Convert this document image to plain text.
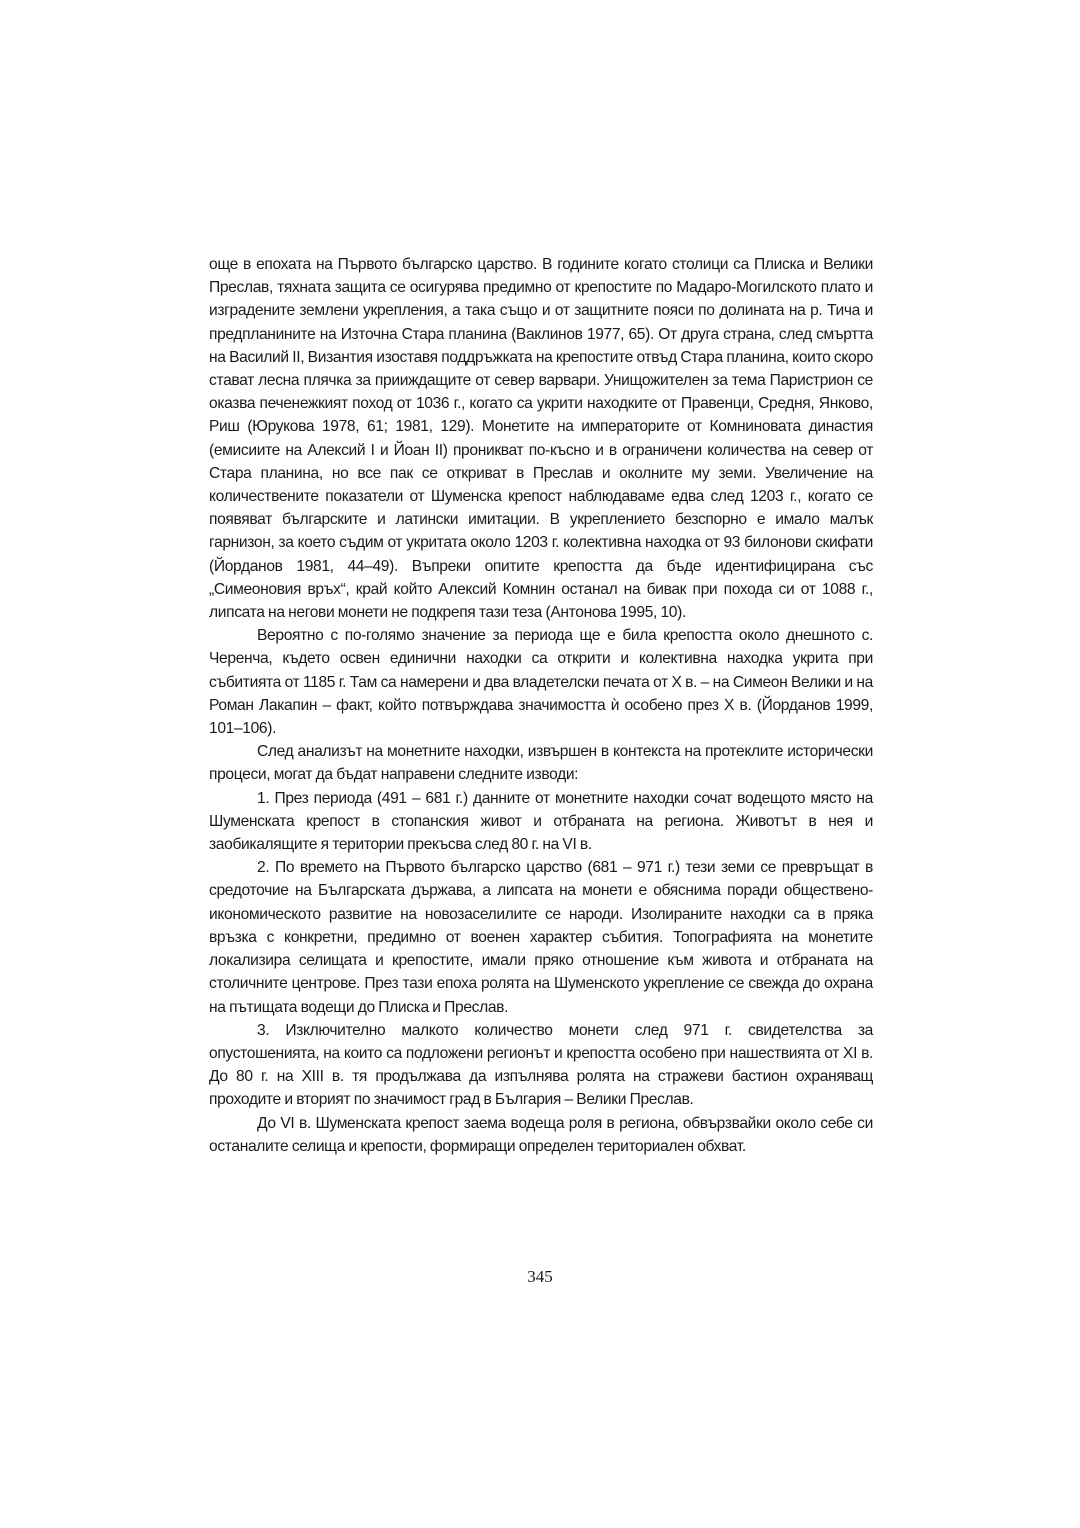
още в епохата на Първото българско царство. В годините когато столици са Плиска и Велики Преслав, тяхната защита се осигурява предимно от крепостите по Мадаро-Могилското плато и изградените землени укрепления, а така също и от защитните пояси по долината на р. Тича и предпланините на Източна Стара планина (Ваклинов 1977, 65). От друга страна, след смъртта на Василий II, Византия изоставя поддръжката на крепостите отвъд Стара планина, които скоро стават лесна плячка за прииждащите от север варвари. Унищожителен за тема Паристрион се оказва печенежкият поход от 1036 г., когато са укрити находките от Правенци, Средня, Янково, Риш (Юрукова 1978, 61; 1981, 129). Монетите на императорите от Комниновата династия (емисиите на Алексий I и Йоан II) проникват по-късно и в ограничени количества на север от Стара планина, но все пак се откриват в Преслав и околните му земи. Увеличение на количествените показатели от Шуменска крепост наблюдаваме едва след 1203 г., когато се появяват българските и латински имитации. В укреплението безспорно е имало малък гарнизон, за което съдим от укритата около 1203 г. колективна находка от 93 билонови скифати (Йорданов 1981, 44–49). Въпреки опитите крепостта да бъде идентифицирана със „Симеоновия връх“, край който Алексий Комнин останал на бивак при похода си от 1088 г., липсата на негови монети не подкрепя тази теза (Антонова 1995, 10).

Вероятно с по-голямо значение за периода ще е била крепостта около днешното с. Черенча, където освен единични находки са открити и колективна находка укрита при събитията от 1185 г. Там са намерени и два владетелски печата от Х в. – на Симеон Велики и на Роман Лакапин – факт, който потвърждава значимостта ѝ особено през Х в. (Йорданов 1999, 101–106).

След анализът на монетните находки, извършен в контекста на протеклите исторически процеси, могат да бъдат направени следните изводи:

1. През периода (491 – 681 г.) данните от монетните находки сочат водещото място на Шуменската крепост в стопанския живот и отбраната на региона. Животът в нея и заобикалящите я територии прекъсва след 80 г. на VI в.

2. По времето на Първото българско царство (681 – 971 г.) тези земи се превръщат в средоточие на Българската държава, а липсата на монети е обяснима поради обществено-икономическото развитие на новозаселилите се народи. Изолираните находки са в пряка връзка с конкретни, предимно от военен характер събития. Топографията на монетите локализира селищата и крепостите, имали пряко отношение към живота и отбраната на столичните центрове. През тази епоха ролята на Шуменското укрепление се свежда до охрана на пътищата водещи до Плиска и Преслав.

3. Изключително малкото количество монети след 971 г. свидетелства за опустошенията, на които са подложени регионът и крепостта особено при нашествията от XI в. До 80 г. на XIII в. тя продължава да изпълнява ролята на стражеви бастион охраняващ проходите и вторият по значимост град в България – Велики Преслав.

До VI в. Шуменската крепост заема водеща роля в региона, обвързвайки около себе си останалите селища и крепости, формиращи определен териториален обхват.

345
